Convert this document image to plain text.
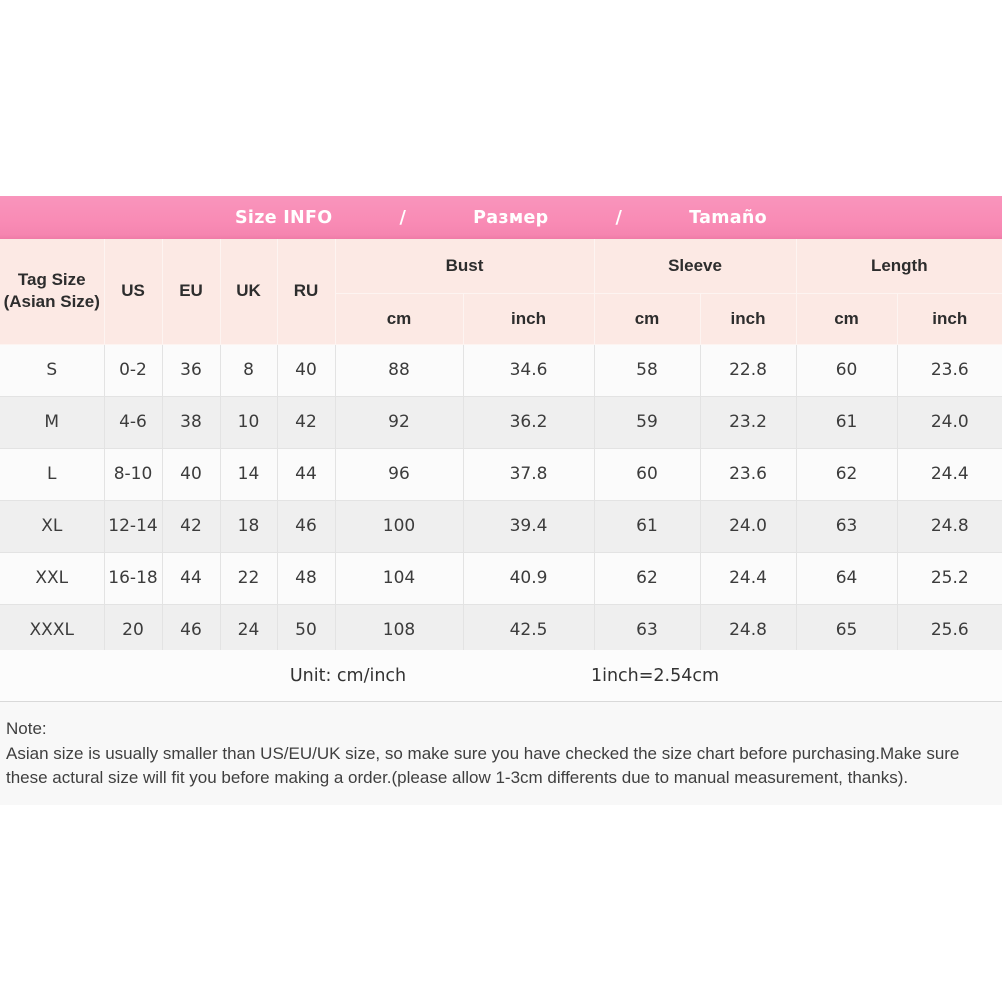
Size INFO	/	Размер	/	Tamaño
Tag Size
(Asian Size)	US	EU	UK	RU	Bust		Sleeve		Length	
					cm	inch	cm	inch	cm	inch
S	0-2	36	8	40	88	34.6	58	22.8	60	23.6
M	4-6	38	10	42	92	36.2	59	23.2	61	24.0
L	8-10	40	14	44	96	37.8	60	23.6	62	24.4
XL	12-14	42	18	46	100	39.4	61	24.0	63	24.8
XXL	16-18	44	22	48	104	40.9	62	24.4	64	25.2
XXXL	20	46	24	50	108	42.5	63	24.8	65	25.6
Unit: cm/inch	1inch=2.54cm
Note:
Asian size is usually smaller than US/EU/UK size, so make sure you have checked the size chart before purchasing.Make sure these actural size will fit you before making a order.(please allow 1-3cm differents due to manual measurement, thanks).
